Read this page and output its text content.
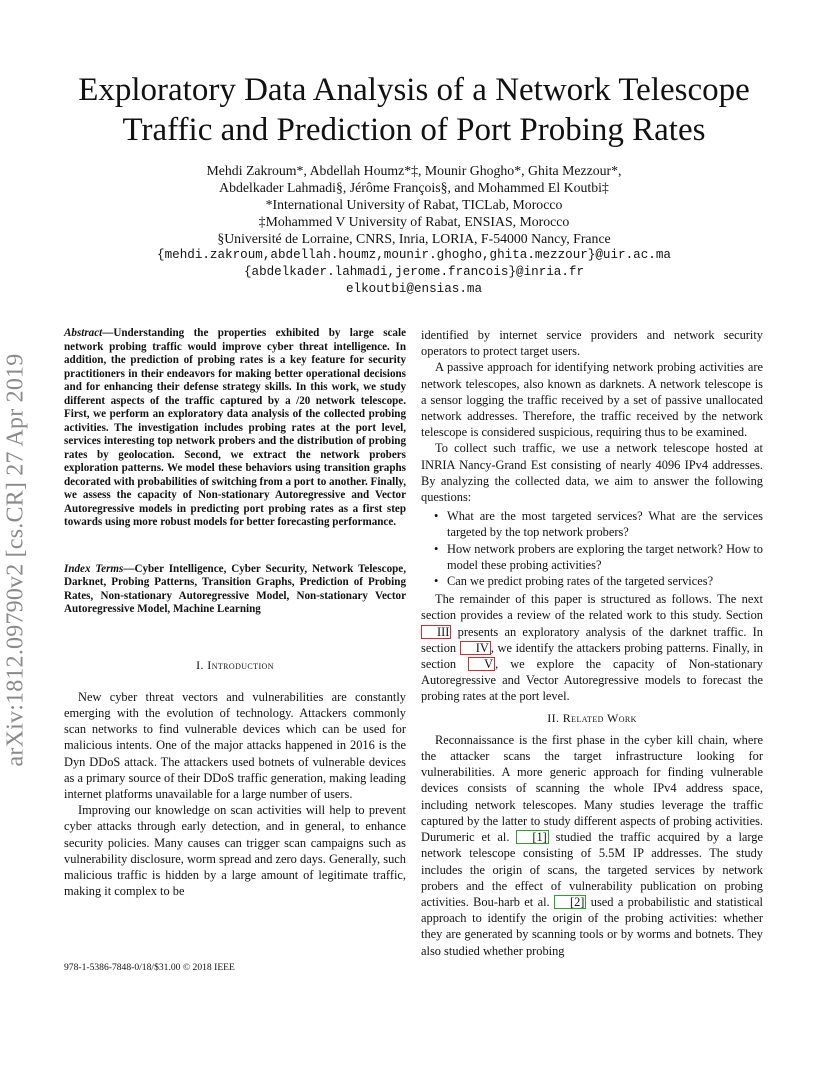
arXiv:1812.09790v2 [cs.CR] 27 Apr 2019
Exploratory Data Analysis of a Network Telescope
Traffic and Prediction of Port Probing Rates
Mehdi Zakroum*, Abdellah Houmz*‡, Mounir Ghogho*, Ghita Mezzour*,
Abdelkader Lahmadi§, Jérôme François§, and Mohammed El Koutbi‡
*International University of Rabat, TICLab, Morocco
‡Mohammed V University of Rabat, ENSIAS, Morocco
§Université de Lorraine, CNRS, Inria, LORIA, F-54000 Nancy, France
{mehdi.zakroum,abdellah.houmz,mounir.ghogho,ghita.mezzour}@uir.ac.ma
{abdelkader.lahmadi,jerome.francois}@inria.fr
elkoutbi@ensias.ma
Abstract—Understanding the properties exhibited by large scale network probing traffic would improve cyber threat intelligence. In addition, the prediction of probing rates is a key feature for security practitioners in their endeavors for making better operational decisions and for enhancing their defense strategy skills. In this work, we study different aspects of the traffic captured by a /20 network telescope. First, we perform an exploratory data analysis of the collected probing activities. The investigation includes probing rates at the port level, services interesting top network probers and the distribution of probing rates by geolocation. Second, we extract the network probers exploration patterns. We model these behaviors using transition graphs decorated with probabilities of switching from a port to another. Finally, we assess the capacity of Non-stationary Autoregressive and Vector Autoregressive models in predicting port probing rates as a first step towards using more robust models for better forecasting performance.
Index Terms—Cyber Intelligence, Cyber Security, Network Telescope, Darknet, Probing Patterns, Transition Graphs, Prediction of Probing Rates, Non-stationary Autoregressive Model, Non-stationary Vector Autoregressive Model, Machine Learning
I. Introduction

New cyber threat vectors and vulnerabilities are constantly emerging with the evolution of technology. Attackers commonly scan networks to find vulnerable devices which can be used for malicious intents. One of the major attacks happened in 2016 is the Dyn DDoS attack. The attackers used botnets of vulnerable devices as a primary source of their DDoS traffic generation, making leading internet platforms unavailable for a large number of users.

Improving our knowledge on scan activities will help to prevent cyber attacks through early detection, and in general, to enhance security policies. Many causes can trigger scan campaigns such as vulnerability disclosure, worm spread and zero days. Generally, such malicious traffic is hidden by a large amount of legitimate traffic, making it complex to be

identified by internet service providers and network security operators to protect target users.

A passive approach for identifying network probing activities are network telescopes, also known as darknets. A network telescope is a sensor logging the traffic received by a set of passive unallocated network addresses. Therefore, the traffic received by the network telescope is considered suspicious, requiring thus to be examined.

To collect such traffic, we use a network telescope hosted at INRIA Nancy-Grand Est consisting of nearly 4096 IPv4 addresses. By analyzing the collected data, we aim to answer the following questions:

• What are the most targeted services? What are the services targeted by the top network probers?
• How network probers are exploring the target network? How to model these probing activities?
• Can we predict probing rates of the targeted services?

The remainder of this paper is structured as follows. The next section provides a review of the related work to this study. Section III presents an exploratory analysis of the darknet traffic. In section IV , we identify the attackers probing patterns. Finally, in section V , we explore the capacity of Non-stationary Autoregressive and Vector Autoregressive models to forecast the probing rates at the port level.

II. Related Work

Reconnaissance is the first phase in the cyber kill chain, where the attacker scans the target infrastructure looking for vulnerabilities. A more generic approach for finding vulnerable devices consists of scanning the whole IPv4 address space, including network telescopes. Many studies leverage the traffic captured by the latter to study different aspects of probing activities. Durumeric et al. [1] studied the traffic acquired by a large network telescope consisting of 5.5M IP addresses. The study includes the origin of scans, the targeted services by network probers and the effect of vulnerability publication on probing activities. Bou-harb et al. [2] used a probabilistic and statistical approach to identify the origin of the probing activities: whether they are generated by scanning tools or by worms and botnets. They also studied whether probing

978-1-5386-7848-0/18/$31.00 © 2018 IEEE
